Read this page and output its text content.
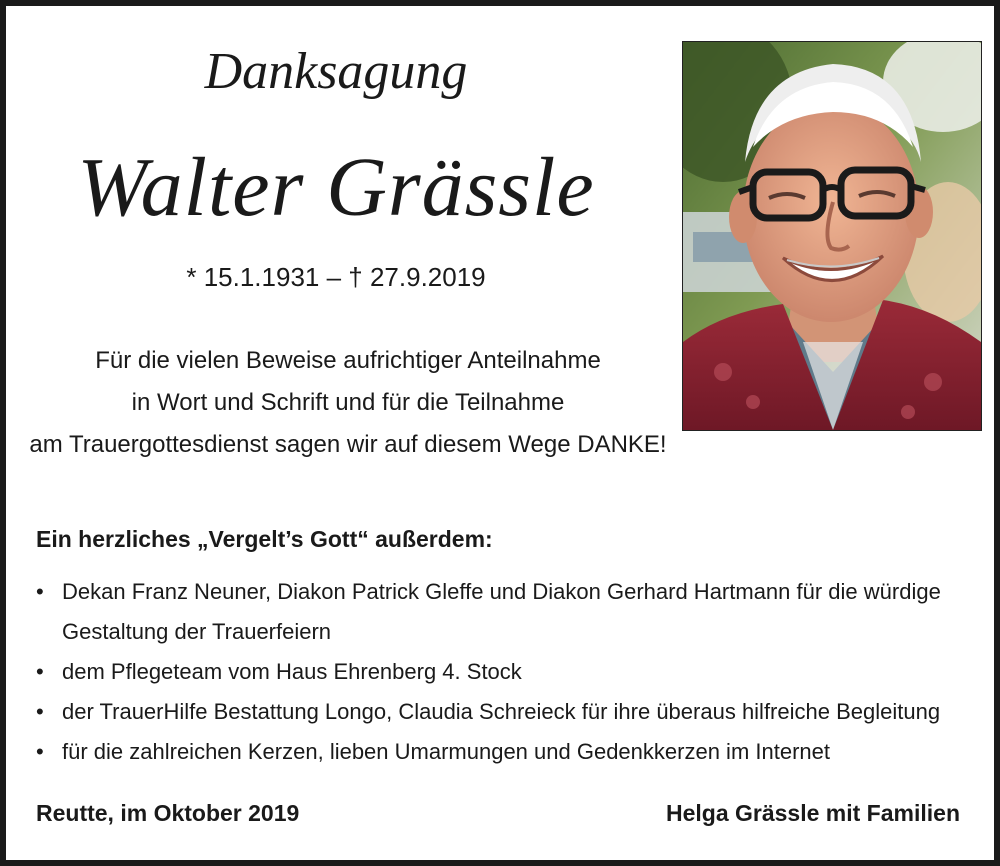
Danksagung
Walter Grässle
* 15.1.1931 – † 27.9.2019
Für die vielen Beweise aufrichtiger Anteilnahme
in Wort und Schrift und für die Teilnahme
am Trauergottesdienst sagen wir auf diesem Wege DANKE!
Ein herzliches „Vergelt’s Gott“ außerdem:
• Dekan Franz Neuner, Diakon Patrick Gleffe und Diakon Gerhard Hartmann für die würdige Gestaltung der Trauerfeiern
• dem Pflegeteam vom Haus Ehrenberg 4. Stock
• der TrauerHilfe Bestattung Longo, Claudia Schreieck für ihre überaus hilfreiche Begleitung
• für die zahlreichen Kerzen, lieben Umarmungen und Gedenkkerzen im Internet
Reutte, im Oktober 2019	Helga Grässle mit Familien
